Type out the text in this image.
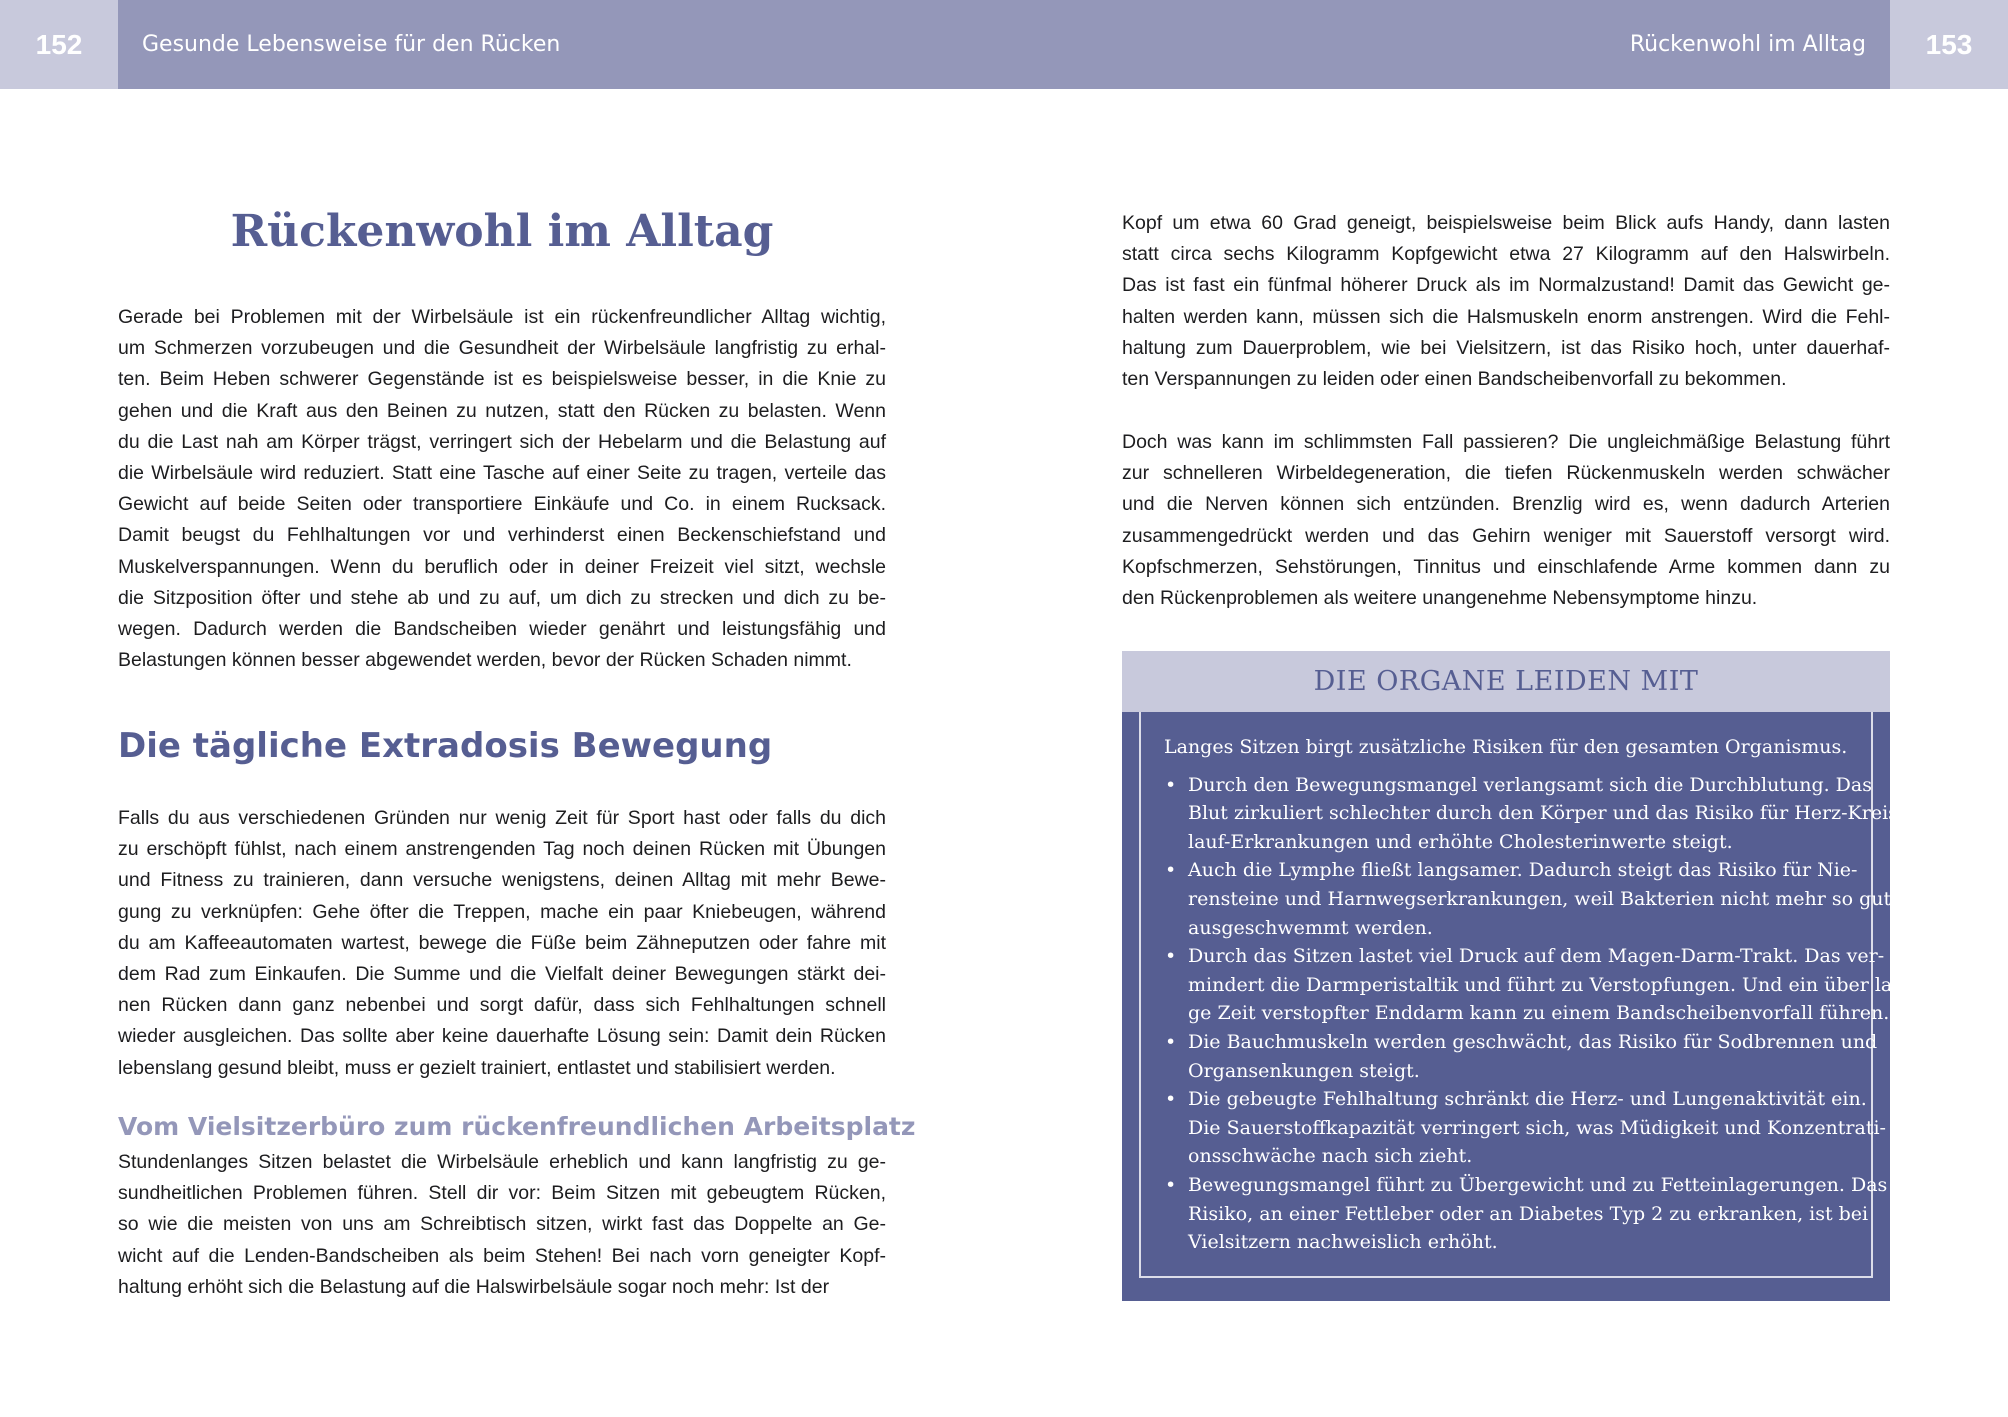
152	Gesunde Lebensweise für den Rücken	Rückenwohl im Alltag	153
Rückenwohl im Alltag
Gerade bei Problemen mit der Wirbelsäule ist ein rückenfreundlicher Alltag wichtig,
um Schmerzen vorzubeugen und die Gesundheit der Wirbelsäule langfristig zu erhal-
ten. Beim Heben schwerer Gegenstände ist es beispielsweise besser, in die Knie zu
gehen und die Kraft aus den Beinen zu nutzen, statt den Rücken zu belasten. Wenn
du die Last nah am Körper trägst, verringert sich der Hebelarm und die Belastung auf
die Wirbelsäule wird reduziert. Statt eine Tasche auf einer Seite zu tragen, verteile das
Gewicht auf beide Seiten oder transportiere Einkäufe und Co. in einem Rucksack.
Damit beugst du Fehlhaltungen vor und verhinderst einen Beckenschiefstand und
Muskelverspannungen. Wenn du beruflich oder in deiner Freizeit viel sitzt, wechsle
die Sitzposition öfter und stehe ab und zu auf, um dich zu strecken und dich zu be-
wegen. Dadurch werden die Bandscheiben wieder genährt und leistungsfähig und
Belastungen können besser abgewendet werden, bevor der Rücken Schaden nimmt.
Die tägliche Extradosis Bewegung
Falls du aus verschiedenen Gründen nur wenig Zeit für Sport hast oder falls du dich
zu erschöpft fühlst, nach einem anstrengenden Tag noch deinen Rücken mit Übungen
und Fitness zu trainieren, dann versuche wenigstens, deinen Alltag mit mehr Bewe-
gung zu verknüpfen: Gehe öfter die Treppen, mache ein paar Kniebeugen, während
du am Kaffeeautomaten wartest, bewege die Füße beim Zähneputzen oder fahre mit
dem Rad zum Einkaufen. Die Summe und die Vielfalt deiner Bewegungen stärkt dei-
nen Rücken dann ganz nebenbei und sorgt dafür, dass sich Fehlhaltungen schnell
wieder ausgleichen. Das sollte aber keine dauerhafte Lösung sein: Damit dein Rücken
lebenslang gesund bleibt, muss er gezielt trainiert, entlastet und stabilisiert werden.
Vom Vielsitzerbüro zum rückenfreundlichen Arbeitsplatz
Stundenlanges Sitzen belastet die Wirbelsäule erheblich und kann langfristig zu ge-
sundheitlichen Problemen führen. Stell dir vor: Beim Sitzen mit gebeugtem Rücken,
so wie die meisten von uns am Schreibtisch sitzen, wirkt fast das Doppelte an Ge-
wicht auf die Lenden-Bandscheiben als beim Stehen! Bei nach vorn geneigter Kopf-
haltung erhöht sich die Belastung auf die Halswirbelsäule sogar noch mehr: Ist der
Kopf um etwa 60 Grad geneigt, beispielsweise beim Blick aufs Handy, dann lasten
statt circa sechs Kilogramm Kopfgewicht etwa 27 Kilogramm auf den Halswirbeln.
Das ist fast ein fünfmal höherer Druck als im Normalzustand! Damit das Gewicht ge-
halten werden kann, müssen sich die Halsmuskeln enorm anstrengen. Wird die Fehl-
haltung zum Dauerproblem, wie bei Vielsitzern, ist das Risiko hoch, unter dauerhaf-
ten Verspannungen zu leiden oder einen Bandscheibenvorfall zu bekommen.
Doch was kann im schlimmsten Fall passieren? Die ungleichmäßige Belastung führt
zur schnelleren Wirbeldegeneration, die tiefen Rückenmuskeln werden schwächer
und die Nerven können sich entzünden. Brenzlig wird es, wenn dadurch Arterien
zusammengedrückt werden und das Gehirn weniger mit Sauerstoff versorgt wird.
Kopfschmerzen, Sehstörungen, Tinnitus und einschlafende Arme kommen dann zu
den Rückenproblemen als weitere unangenehme Nebensymptome hinzu.
DIE ORGANE LEIDEN MIT

Langes Sitzen birgt zusätzliche Risiken für den gesamten Organismus.

• Durch den Bewegungsmangel verlangsamt sich die Durchblutung. Das
Blut zirkuliert schlechter durch den Körper und das Risiko für Herz-Kreis-
lauf-Erkrankungen und erhöhte Cholesterinwerte steigt.
• Auch die Lymphe fließt langsamer. Dadurch steigt das Risiko für Nie-
rensteine und Harnwegserkrankungen, weil Bakterien nicht mehr so gut
ausgeschwemmt werden.
• Durch das Sitzen lastet viel Druck auf dem Magen-Darm-Trakt. Das ver-
mindert die Darmperistaltik und führt zu Verstopfungen. Und ein über lan-
ge Zeit verstopfter Enddarm kann zu einem Bandscheibenvorfall führen.
• Die Bauchmuskeln werden geschwächt, das Risiko für Sodbrennen und
Organsenkungen steigt.
• Die gebeugte Fehlhaltung schränkt die Herz- und Lungenaktivität ein.
Die Sauerstoffkapazität verringert sich, was Müdigkeit und Konzentrati-
onsschwäche nach sich zieht.
• Bewegungsmangel führt zu Übergewicht und zu Fetteinlagerungen. Das
Risiko, an einer Fettleber oder an Diabetes Typ 2 zu erkranken, ist bei
Vielsitzern nachweislich erhöht.
